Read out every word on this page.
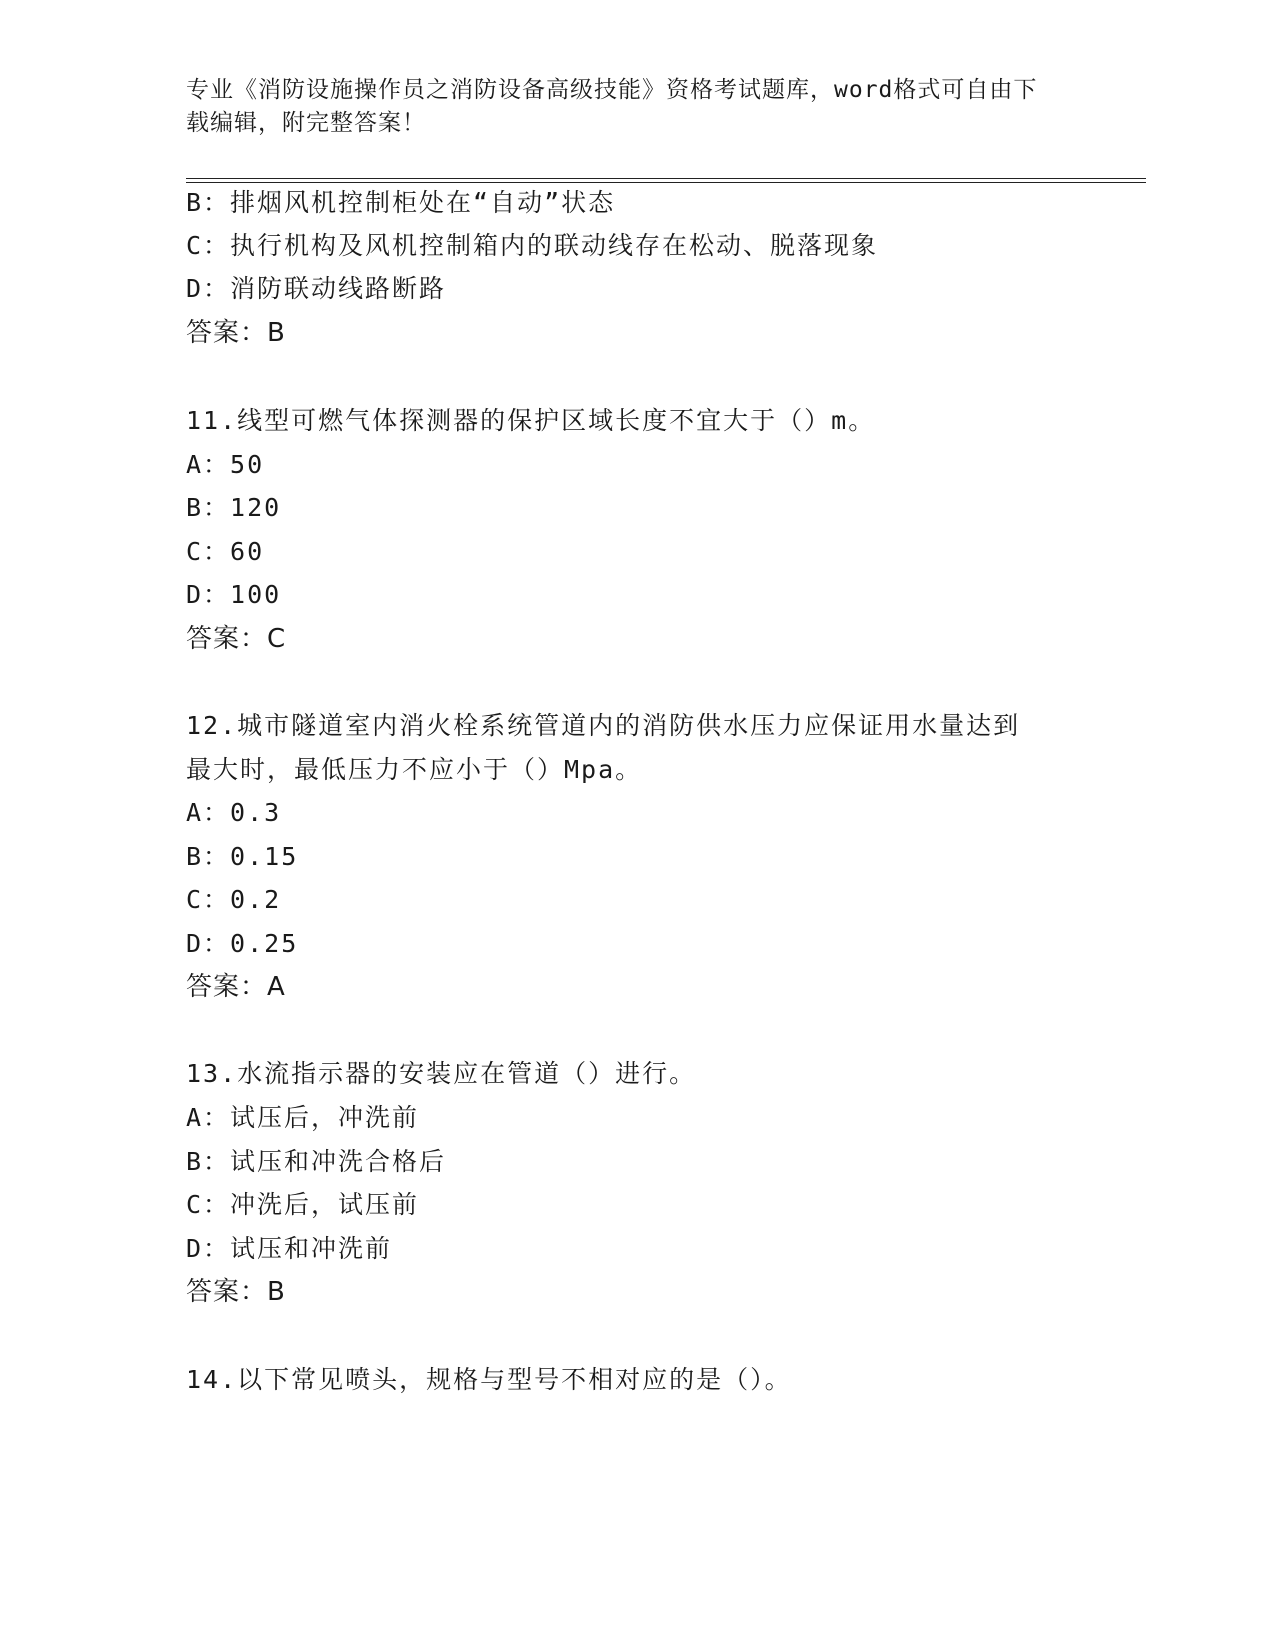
专业《消防设施操作员之消防设备高级技能》资格考试题库，word格式可自由下
载编辑，附完整答案！
B：排烟风机控制柜处在“自动”状态
C：执行机构及风机控制箱内的联动线存在松动、脱落现象
D：消防联动线路断路
答案：B
11.线型可燃气体探测器的保护区域长度不宜大于（）m。
A：50
B：120
C：60
D：100
答案：C
12.城市隧道室内消火栓系统管道内的消防供水压力应保证用水量达到
最大时，最低压力不应小于（）Mpa。
A：0.3
B：0.15
C：0.2
D：0.25
答案：A
13.水流指示器的安装应在管道（）进行。
A：试压后，冲洗前
B：试压和冲洗合格后
C：冲洗后，试压前
D：试压和冲洗前
答案：B
14.以下常见喷头，规格与型号不相对应的是（）。
